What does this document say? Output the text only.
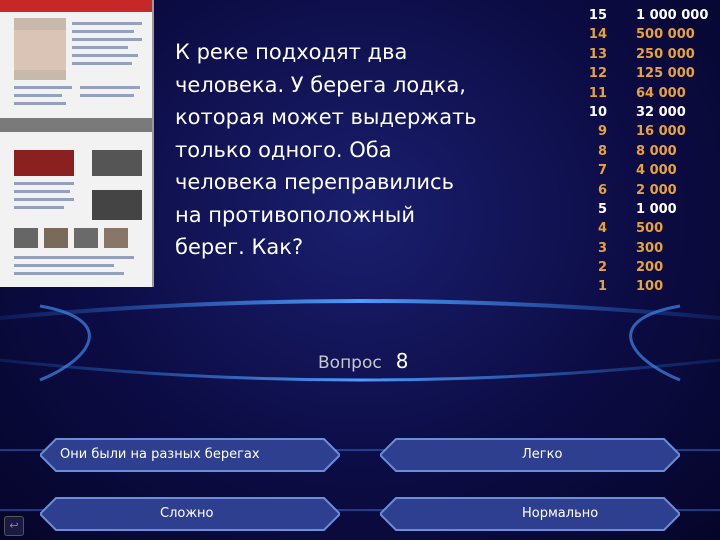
К реке подходят два
человека. У берега лодка,
которая может выдержать
только одного. Оба
человека переправились
на противоположный
берег. Как?
15 1 000 000
14 500 000
13 250 000
12 125 000
11 64 000
10 32 000
9 16 000
8 8 000
7 4 000
6 2 000
5 1 000
4 500
3 300
2 200
1 100
Вопрос 8
Они были на разных берегах	Легко
Сложно	Нормально
↩
